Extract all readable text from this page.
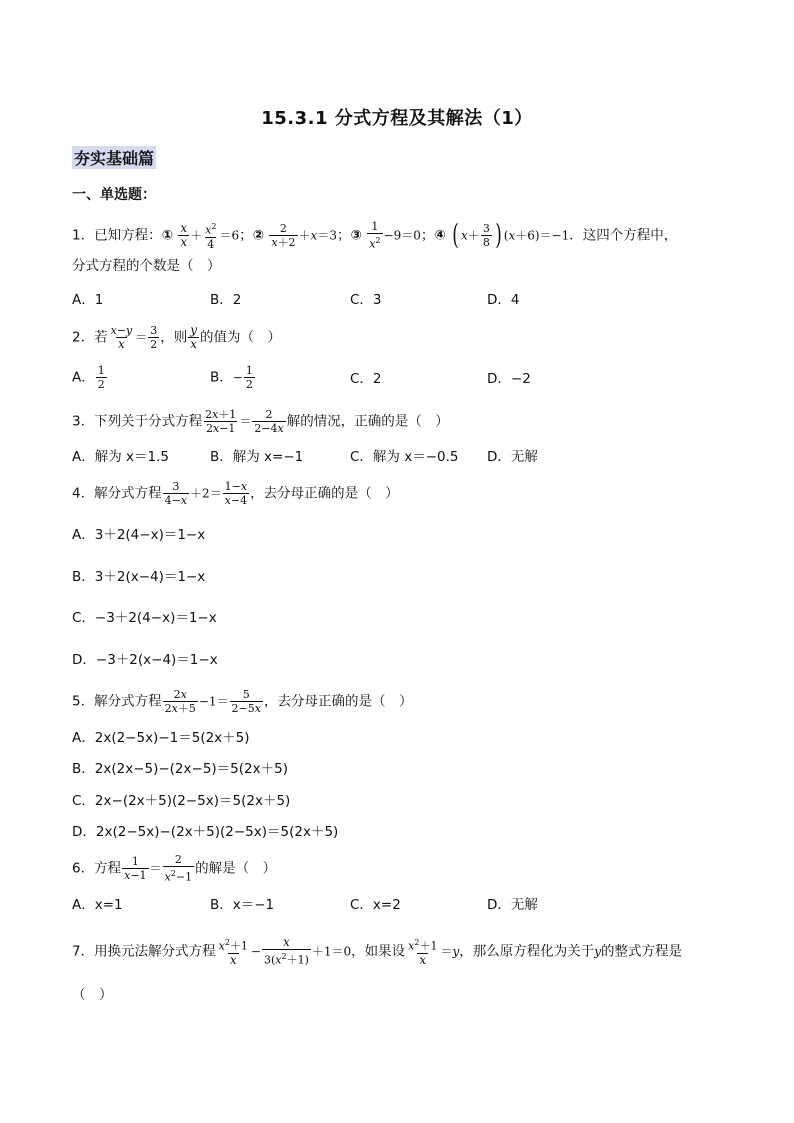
15.3.1 分式方程及其解法（1）
夯实基础篇
一、单选题：
1．已知方程：① $\frac{x}{x} + \frac{x^2}{4} =6$；② $\frac{2}{x+2} +x=3$；③ $\frac{1}{x^2} -9=0$；④ ( $x+ \frac{3}{8}$ ) (x＋6)＝−1．这四个方程中，
分式方程的个数是（　）
A．1	B．2	C．3	D．4
2．若 $\frac{x-y}{x} = \frac{3}{2}$ ，则 $\frac{y}{x}$ 的值为（　）
A． $\frac{1}{2}$	B．− $\frac{1}{2}$	C．2	D．−2
3．下列关于分式方程 $\frac{2x+1}{2x-1} = \frac{2}{2-4x}$ 解的情况，正确的是（　）
A．解为 x＝1.5	B．解为 x=−1	C．解为 x＝−0.5 D．无解
4．解分式方程 $\frac{3}{4-x} +2= \frac{1-x}{x-4}$ ，去分母正确的是（　）
A．3＋2(4−x)＝1−x
B．3＋2(x−4)＝1−x
C．−3＋2(4−x)＝1−x
D．−3＋2(x−4)＝1−x
5．解分式方程 $\frac{2x}{2x+5} -1= \frac{5}{2-5x}$ ，去分母正确的是（　）
A．2x(2−5x)−1＝5(2x＋5)
B．2x(2x−5)−(2x−5)＝5(2x＋5)
C．2x−(2x＋5)(2−5x)＝5(2x＋5)
D．2x(2−5x)−(2x＋5)(2−5x)＝5(2x＋5)
6．方程 $\frac{1}{x-1} = \frac{2}{x^2-1}$ 的解是（　）
A．x=1	B．x＝−1	C．x=2	D．无解
7．用换元法解分式方程 $\frac{x^2+1}{x} - \frac{x}{3(x^2+1)} +1=0$，如果设 $\frac{x^2+1}{x} =y$，那么原方程化为关于y的整式方程是
（　）
